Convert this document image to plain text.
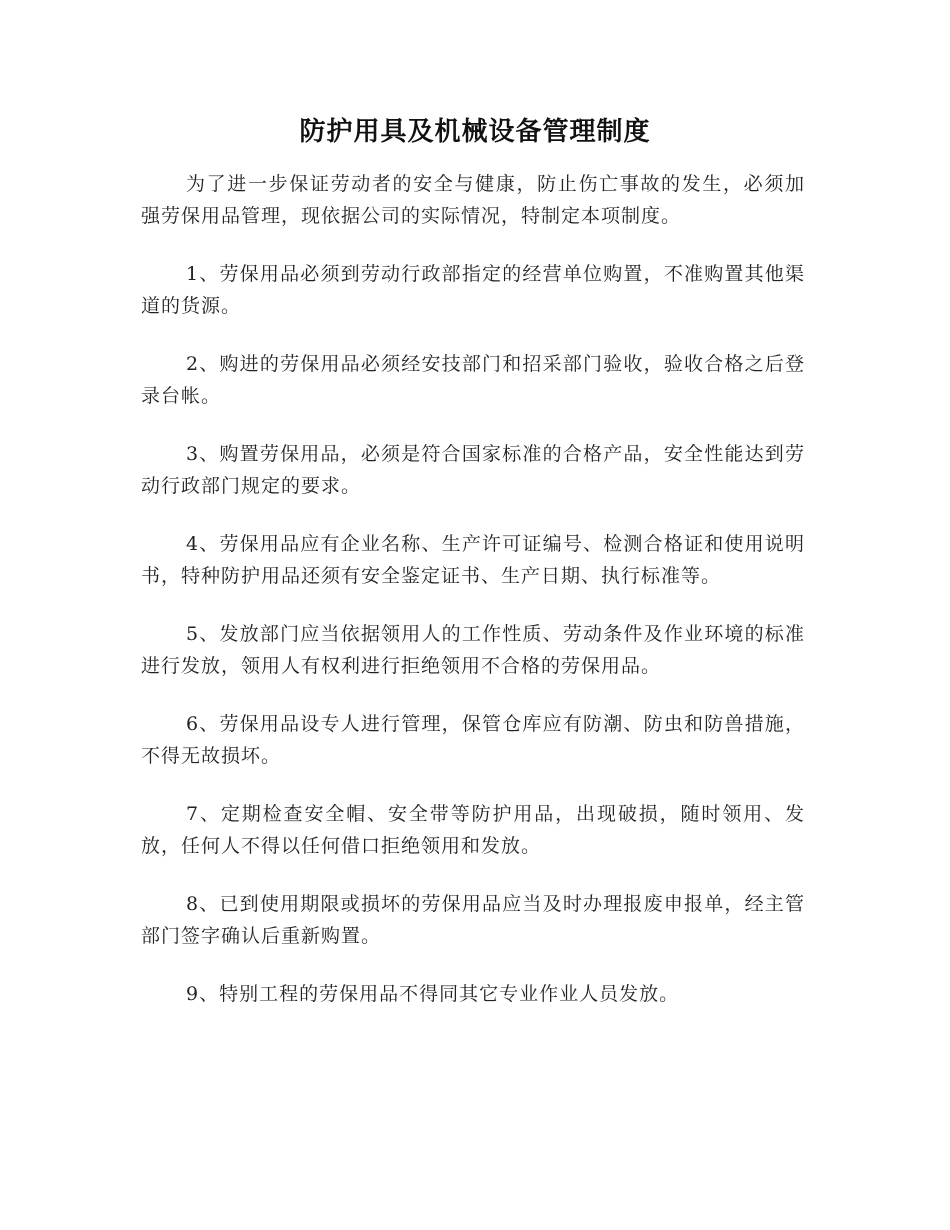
防护用具及机械设备管理制度

为了进一步保证劳动者的安全与健康，防止伤亡事故的发生，必须加强劳保用品管理，现依据公司的实际情况，特制定本项制度。

1、劳保用品必须到劳动行政部指定的经营单位购置，不准购置其他渠道的货源。

2、购进的劳保用品必须经安技部门和招采部门验收，验收合格之后登录台帐。

3、购置劳保用品，必须是符合国家标准的合格产品，安全性能达到劳动行政部门规定的要求。

4、劳保用品应有企业名称、生产许可证编号、检测合格证和使用说明书，特种防护用品还须有安全鉴定证书、生产日期、执行标准等。

5、发放部门应当依据领用人的工作性质、劳动条件及作业环境的标准进行发放，领用人有权利进行拒绝领用不合格的劳保用品。

6、劳保用品设专人进行管理，保管仓库应有防潮、防虫和防兽措施，不得无故损坏。

7、定期检查安全帽、安全带等防护用品，出现破损，随时领用、发放，任何人不得以任何借口拒绝领用和发放。

8、已到使用期限或损坏的劳保用品应当及时办理报废申报单，经主管部门签字确认后重新购置。

9、特别工程的劳保用品不得同其它专业作业人员发放。
